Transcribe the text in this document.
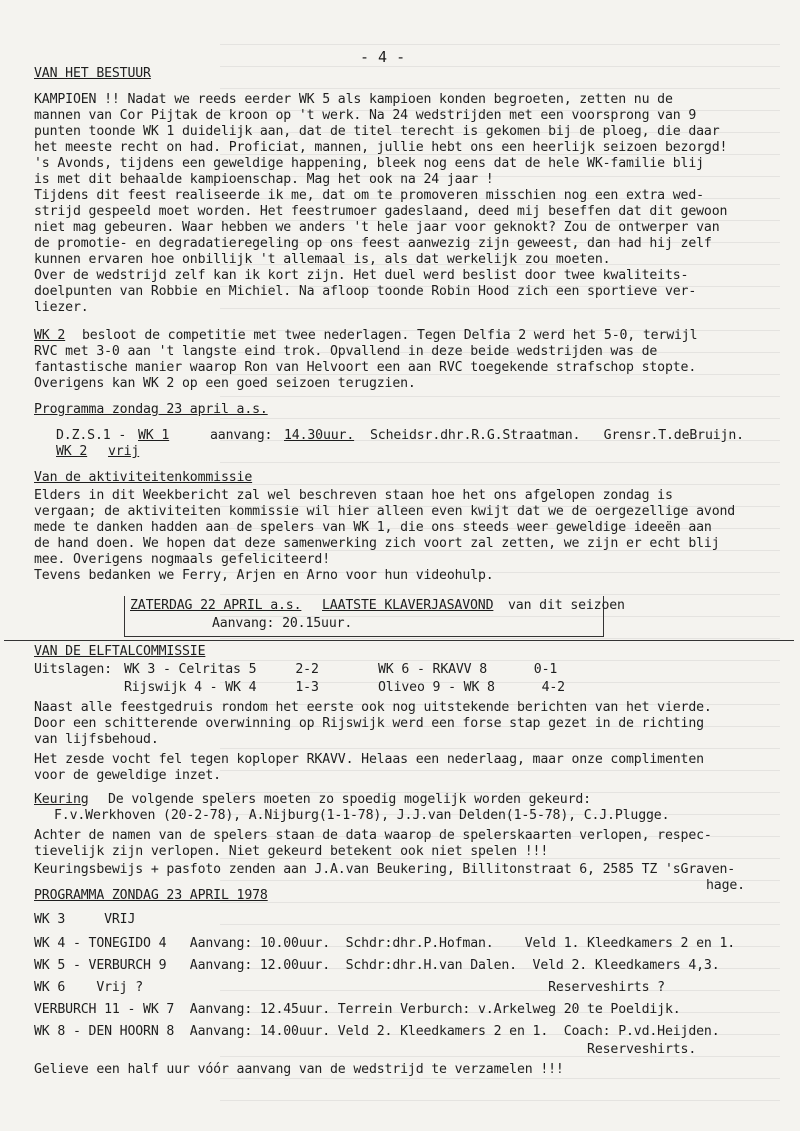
- 4 -
VAN HET BESTUUR
KAMPIOEN !! Nadat we reeds eerder WK 5 als kampioen konden begroeten, zetten nu de
mannen van Cor Pijtak de kroon op 't werk. Na 24 wedstrijden met een voorsprong van 9
punten toonde WK 1 duidelijk aan, dat de titel terecht is gekomen bij de ploeg, die daar
het meeste recht on had. Proficiat, mannen, jullie hebt ons een heerlijk seizoen bezorgd!
's Avonds, tijdens een geweldige happening, bleek nog eens dat de hele WK-familie blij
is met dit behaalde kampioenschap. Mag het ook na 24 jaar !
Tijdens dit feest realiseerde ik me, dat om te promoveren misschien nog een extra wed-
strijd gespeeld moet worden. Het feestrumoer gadeslaand, deed mij beseffen dat dit gewoon
niet mag gebeuren. Waar hebben we anders 't hele jaar voor geknokt? Zou de ontwerper van
de promotie- en degradatieregeling op ons feest aanwezig zijn geweest, dan had hij zelf
kunnen ervaren hoe onbillijk 't allemaal is, als dat werkelijk zou moeten.
Over de wedstrijd zelf kan ik kort zijn. Het duel werd beslist door twee kwaliteits-
doelpunten van Robbie en Michiel. Na afloop toonde Robin Hood zich een sportieve ver-
liezer.
WK 2 besloot de competitie met twee nederlagen. Tegen Delfia 2 werd het 5-0, terwijl
RVC met 3-0 aan 't langste eind trok. Opvallend in deze beide wedstrijden was de
fantastische manier waarop Ron van Helvoort een aan RVC toegekende strafschop stopte.
Overigens kan WK 2 op een goed seizoen terugzien.
Programma zondag 23 april a.s.
D.Z.S.1 - WK 1	aanvang: 14.30uur. Scheidsr.dhr.R.G.Straatman.   Grensr.T.deBruijn.
WK 2 vrij
Van de aktiviteitenkommissie
Elders in dit Weekbericht zal wel beschreven staan hoe het ons afgelopen zondag is
vergaan; de aktiviteiten kommissie wil hier alleen even kwijt dat we de oergezellige avond
mede te danken hadden aan de spelers van WK 1, die ons steeds weer geweldige ideeën aan
de hand doen. We hopen dat deze samenwerking zich voort zal zetten, we zijn er echt blij
mee. Overigens nogmaals gefeliciteerd!
Tevens bedanken we Ferry, Arjen en Arno voor hun videohulp.
ZATERDAG 22 APRIL a.s. LAATSTE KLAVERJASAVOND van dit seizoen
Aanvang: 20.15uur.
VAN DE ELFTALCOMMISSIE
Uitslagen: WK 3 - Celritas 5     2-2	WK 6 - RKAVV 8      0-1
Rijswijk 4 - WK 4     1-3	Oliveo 9 - WK 8      4-2
Naast alle feestgedruis rondom het eerste ook nog uitstekende berichten van het vierde.
Door een schitterende overwinning op Rijswijk werd een forse stap gezet in de richting
van lijfsbehoud.
Het zesde vocht fel tegen koploper RKAVV. Helaas een nederlaag, maar onze complimenten
voor de geweldige inzet.
Keuring De volgende spelers moeten zo spoedig mogelijk worden gekeurd:
F.v.Werkhoven (20-2-78), A.Nijburg(1-1-78), J.J.van Delden(1-5-78), C.J.Plugge.
Achter de namen van de spelers staan de data waarop de spelerskaarten verlopen, respec-
tievelijk zijn verlopen. Niet gekeurd betekent ook niet spelen !!!
Keuringsbewijs + pasfoto zenden aan J.A.van Beukering, Billitonstraat 6, 2585 TZ 'sGraven-
hage.
PROGRAMMA ZONDAG 23 APRIL 1978
WK 3     VRIJ
WK 4 - TONEGIDO 4   Aanvang: 10.00uur.  Schdr:dhr.P.Hofman.    Veld 1. Kleedkamers 2 en 1.
WK 5 - VERBURCH 9   Aanvang: 12.00uur.  Schdr:dhr.H.van Dalen.  Veld 2. Kleedkamers 4,3.
WK 6    Vrij ?                                                    Reserveshirts ?
VERBURCH 11 - WK 7  Aanvang: 12.45uur. Terrein Verburch: v.Arkelweg 20 te Poeldijk.
WK 8 - DEN HOORN 8  Aanvang: 14.00uur. Veld 2. Kleedkamers 2 en 1.  Coach: P.vd.Heijden.
Reserveshirts.
Gelieve een half uur vóór aanvang van de wedstrijd te verzamelen !!!
